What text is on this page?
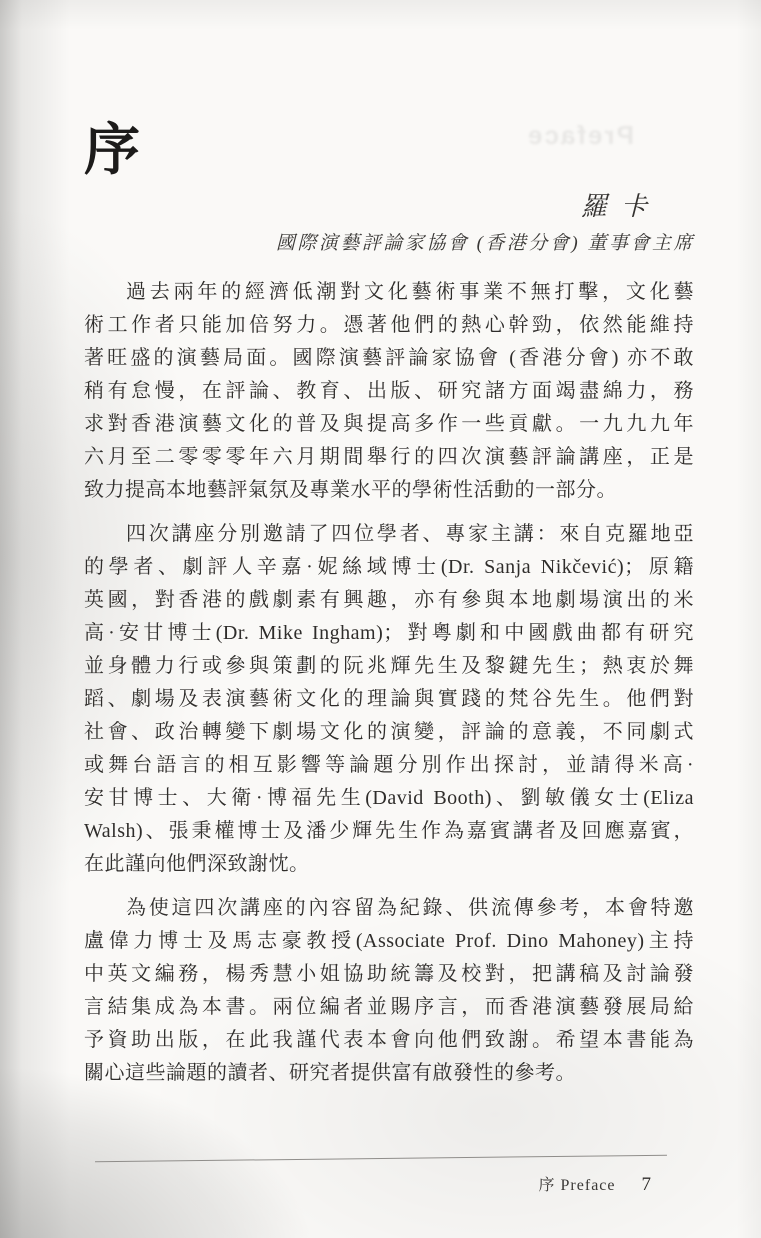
Preface
序
羅卡
國際演藝評論家協會 (香港分會) 董事會主席
過去兩年的經濟低潮對文化藝術事業不無打擊，文化藝
術工作者只能加倍努力。憑著他們的熱心幹勁，依然能維持
著旺盛的演藝局面。國際演藝評論家協會 (香港分會) 亦不敢
稍有怠慢，在評論、教育、出版、研究諸方面竭盡綿力，務
求對香港演藝文化的普及與提高多作一些貢獻。一九九九年
六月至二零零零年六月期間舉行的四次演藝評論講座，正是
致力提高本地藝評氣氛及專業水平的學術性活動的一部分。
四次講座分別邀請了四位學者、專家主講：來自克羅地亞
的學者、劇評人辛嘉·妮絲域博士(Dr. Sanja Nikčević)；原籍
英國，對香港的戲劇素有興趣，亦有參與本地劇場演出的米
高·安甘博士(Dr. Mike Ingham)；對粵劇和中國戲曲都有研究
並身體力行或參與策劃的阮兆輝先生及黎鍵先生；熱衷於舞
蹈、劇場及表演藝術文化的理論與實踐的梵谷先生。他們對
社會、政治轉變下劇場文化的演變，評論的意義，不同劇式
或舞台語言的相互影響等論題分別作出探討，並請得米高·
安甘博士、大衛·博福先生(David Booth)、劉敏儀女士(Eliza
Walsh)、張秉權博士及潘少輝先生作為嘉賓講者及回應嘉賓，
在此謹向他們深致謝忱。
為使這四次講座的內容留為紀錄、供流傳參考，本會特邀
盧偉力博士及馬志豪教授(Associate Prof. Dino Mahoney)主持
中英文編務，楊秀慧小姐協助統籌及校對，把講稿及討論發
言結集成為本書。兩位編者並賜序言，而香港演藝發展局給
予資助出版，在此我謹代表本會向他們致謝。希望本書能為
關心這些論題的讀者、研究者提供富有啟發性的參考。
序 Preface 7
